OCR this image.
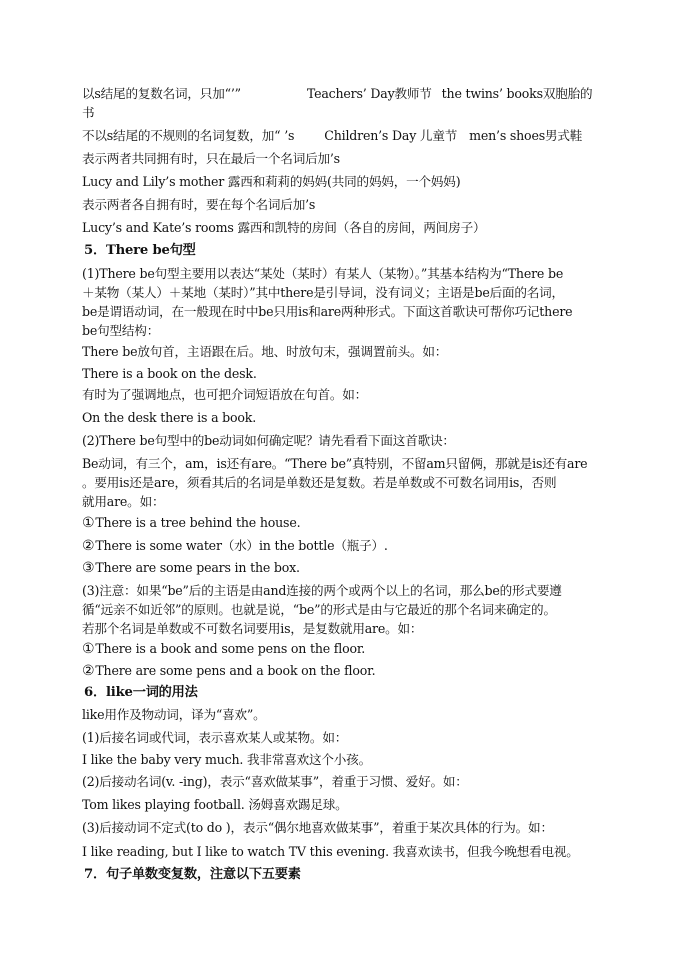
以s结尾的复数名词，只加“’”	Teachers’ Day教师节 the twins’ books双胞胎的
书
不以s结尾的不规则的名词复数，加“ ’s Children’s Day 儿童节 men’s shoes男式鞋
表示两者共同拥有时，只在最后一个名词后加’s
Lucy and Lily’s mother 露西和莉莉的妈妈(共同的妈妈，一个妈妈)
表示两者各自拥有时，要在每个名词后加’s
Lucy’s and Kate’s rooms 露西和凯特的房间（各自的房间，两间房子）
5．There be句型
(1)There be句型主要用以表达“某处（某时）有某人（某物）。”其基本结构为“There be
＋某物（某人）＋某地（某时）”其中there是引导词，没有词义；主语是be后面的名词，
be是谓语动词，在一般现在时中be只用is和are两种形式。下面这首歌诀可帮你巧记there
be句型结构：
There be放句首，主语跟在后。地、时放句末，强调置前头。如：
There is a book on the desk.
有时为了强调地点，也可把介词短语放在句首。如：
On the desk there is a book.
(2)There be句型中的be动词如何确定呢？请先看看下面这首歌诀：
Be动词，有三个，am，is还有are。“There be”真特别，不留am只留俩，那就是is还有are
。要用is还是are，须看其后的名词是单数还是复数。若是单数或不可数名词用is，否则
就用are。如：
①There is a tree behind the house.
②There is some water（水）in the bottle（瓶子）.
③There are some pears in the box.
(3)注意：如果“be”后的主语是由and连接的两个或两个以上的名词，那么be的形式要遵
循“远亲不如近邻”的原则。也就是说，“be”的形式是由与它最近的那个名词来确定的。
若那个名词是单数或不可数名词要用is，是复数就用are。如：
①There is a book and some pens on the floor.
②There are some pens and a book on the floor.
6．like一词的用法
like用作及物动词，译为“喜欢”。
(1)后接名词或代词，表示喜欢某人或某物。如：
I like the baby very much. 我非常喜欢这个小孩。
(2)后接动名词(v. -ing)，表示“喜欢做某事”，着重于习惯、爱好。如：
Tom likes playing football. 汤姆喜欢踢足球。
(3)后接动词不定式(to do )，表示“偶尔地喜欢做某事”，着重于某次具体的行为。如：
I like reading, but I like to watch TV this evening. 我喜欢读书，但我今晚想看电视。
7．句子单数变复数，注意以下五要素
